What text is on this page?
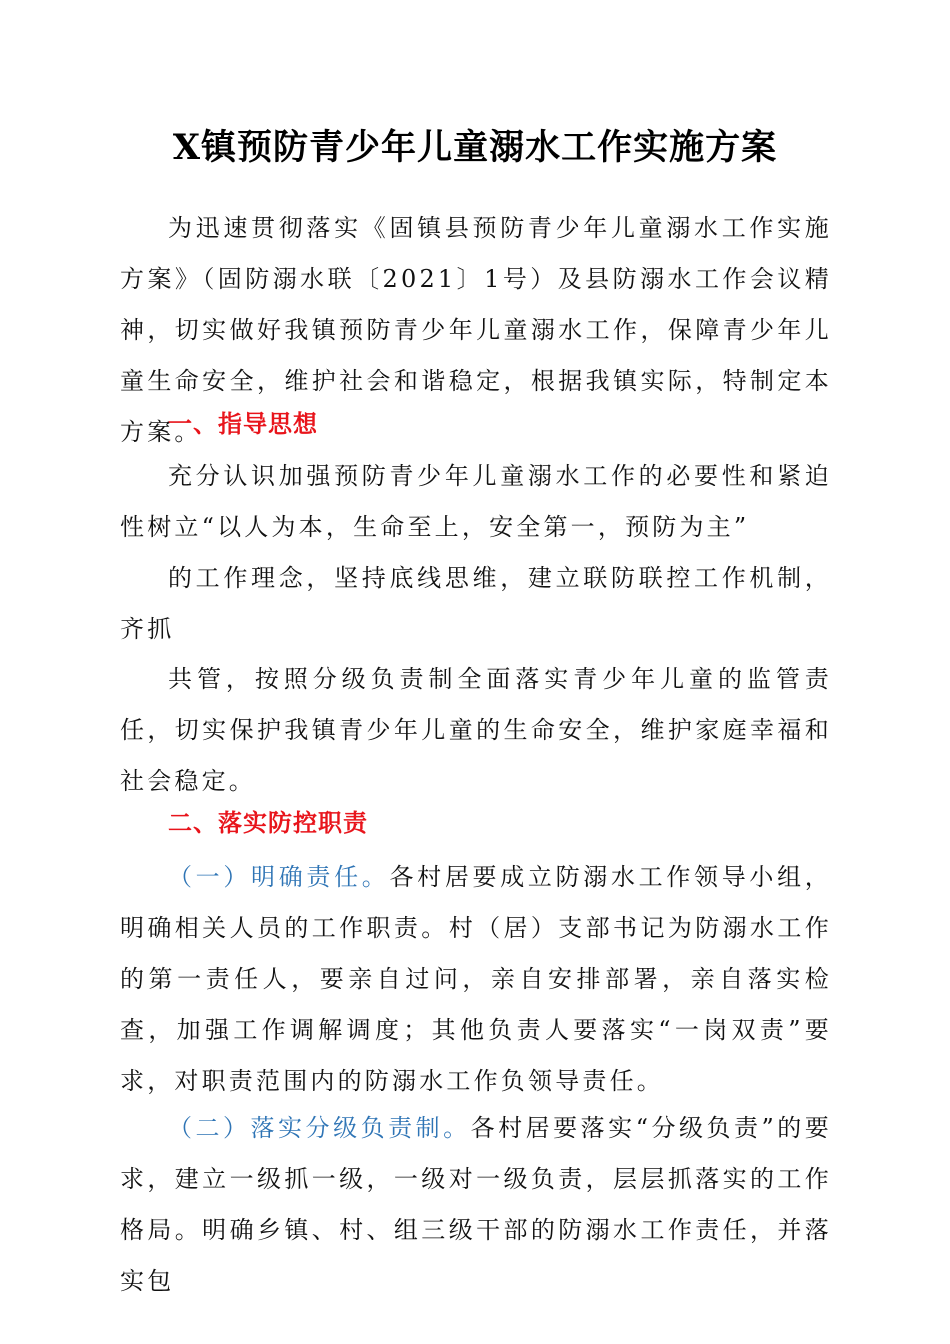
X镇预防青少年儿童溺水工作实施方案

为迅速贯彻落实《固镇县预防青少年儿童溺水工作实施方案》（固防溺水联〔2021〕1号）及县防溺水工作会议精神，切实做好我镇预防青少年儿童溺水工作，保障青少年儿童生命安全，维护社会和谐稳定，根据我镇实际，特制定本方案。

一、指导思想

充分认识加强预防青少年儿童溺水工作的必要性和紧迫性树立“以人为本，生命至上，安全第一，预防为主”

的工作理念，坚持底线思维，建立联防联控工作机制，齐抓

共管，按照分级负责制全面落实青少年儿童的监管责任，切实保护我镇青少年儿童的生命安全，维护家庭幸福和社会稳定。

二、落实防控职责

（一）明确责任。各村居要成立防溺水工作领导小组，明确相关人员的工作职责。村（居）支部书记为防溺水工作的第一责任人，要亲自过问，亲自安排部署，亲自落实检查，加强工作调解调度；其他负责人要落实“一岗双责”要求，对职责范围内的防溺水工作负领导责任。

（二）落实分级负责制。各村居要落实“分级负责”的要求，建立一级抓一级，一级对一级负责，层层抓落实的工作格局。明确乡镇、村、组三级干部的防溺水工作责任，并落实包
